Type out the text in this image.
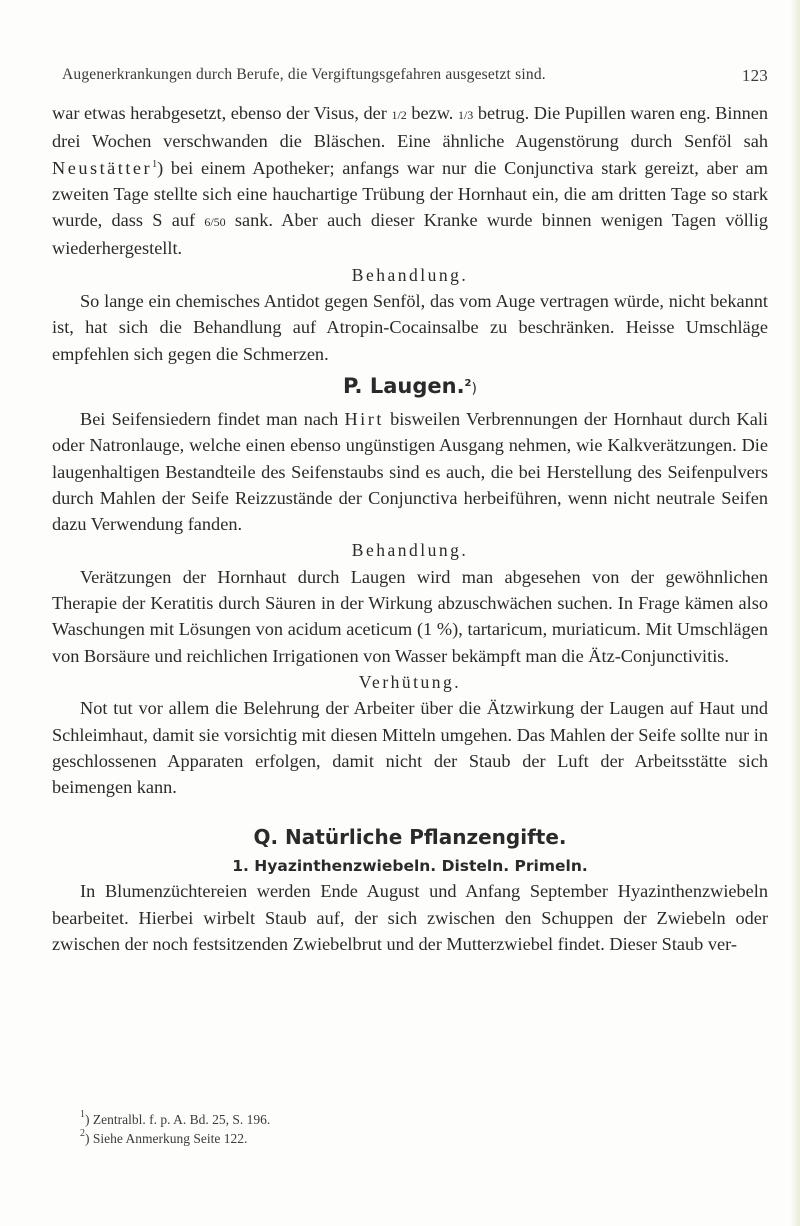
Augenerkrankungen durch Berufe, die Vergiftungsgefahren ausgesetzt sind.	123

war etwas herabgesetzt, ebenso der Visus, der 1/2 bezw. 1/3 betrug. Die Pupillen waren eng. Binnen drei Wochen verschwanden die Bläschen. Eine ähnliche Augenstörung durch Senföl sah Neustätter$^1$) bei einem Apotheker; anfangs war nur die Conjunctiva stark gereizt, aber am zweiten Tage stellte sich eine hauchartige Trübung der Hornhaut ein, die am dritten Tage so stark wurde, dass S auf 6/50 sank. Aber auch dieser Kranke wurde binnen wenigen Tagen völlig wiederhergestellt.

Behandlung.

So lange ein chemisches Antidot gegen Senföl, das vom Auge vertragen würde, nicht bekannt ist, hat sich die Behandlung auf Atropin-Cocainsalbe zu beschränken. Heisse Umschläge empfehlen sich gegen die Schmerzen.

P. Laugen.$^2$)

Bei Seifensiedern findet man nach Hirt bisweilen Verbrennungen der Hornhaut durch Kali oder Natronlauge, welche einen ebenso ungünstigen Ausgang nehmen, wie Kalkverätzungen. Die laugenhaltigen Bestandteile des Seifenstaubs sind es auch, die bei Herstellung des Seifenpulvers durch Mahlen der Seife Reizzustände der Conjunctiva herbeiführen, wenn nicht neutrale Seifen dazu Verwendung fanden.

Behandlung.

Verätzungen der Hornhaut durch Laugen wird man abgesehen von der gewöhnlichen Therapie der Keratitis durch Säuren in der Wirkung abzuschwächen suchen. In Frage kämen also Waschungen mit Lösungen von acidum aceticum (1 %), tartaricum, muriaticum. Mit Umschlägen von Borsäure und reichlichen Irrigationen von Wasser bekämpft man die Ätz-Conjunctivitis.

Verhütung.

Not tut vor allem die Belehrung der Arbeiter über die Ätzwirkung der Laugen auf Haut und Schleimhaut, damit sie vorsichtig mit diesen Mitteln umgehen. Das Mahlen der Seife sollte nur in geschlossenen Apparaten erfolgen, damit nicht der Staub der Luft der Arbeitsstätte sich beimengen kann.

Q. Natürliche Pflanzengifte.

1. Hyazinthenzwiebeln. Disteln. Primeln.

In Blumenzüchtereien werden Ende August und Anfang September Hyazinthenzwiebeln bearbeitet. Hierbei wirbelt Staub auf, der sich zwischen den Schuppen der Zwiebeln oder zwischen der noch festsitzenden Zwiebelbrut und der Mutterzwiebel findet. Dieser Staub ver-

$^1$) Zentralbl. f. p. A. Bd. 25, S. 196.
$^2$) Siehe Anmerkung Seite 122.
